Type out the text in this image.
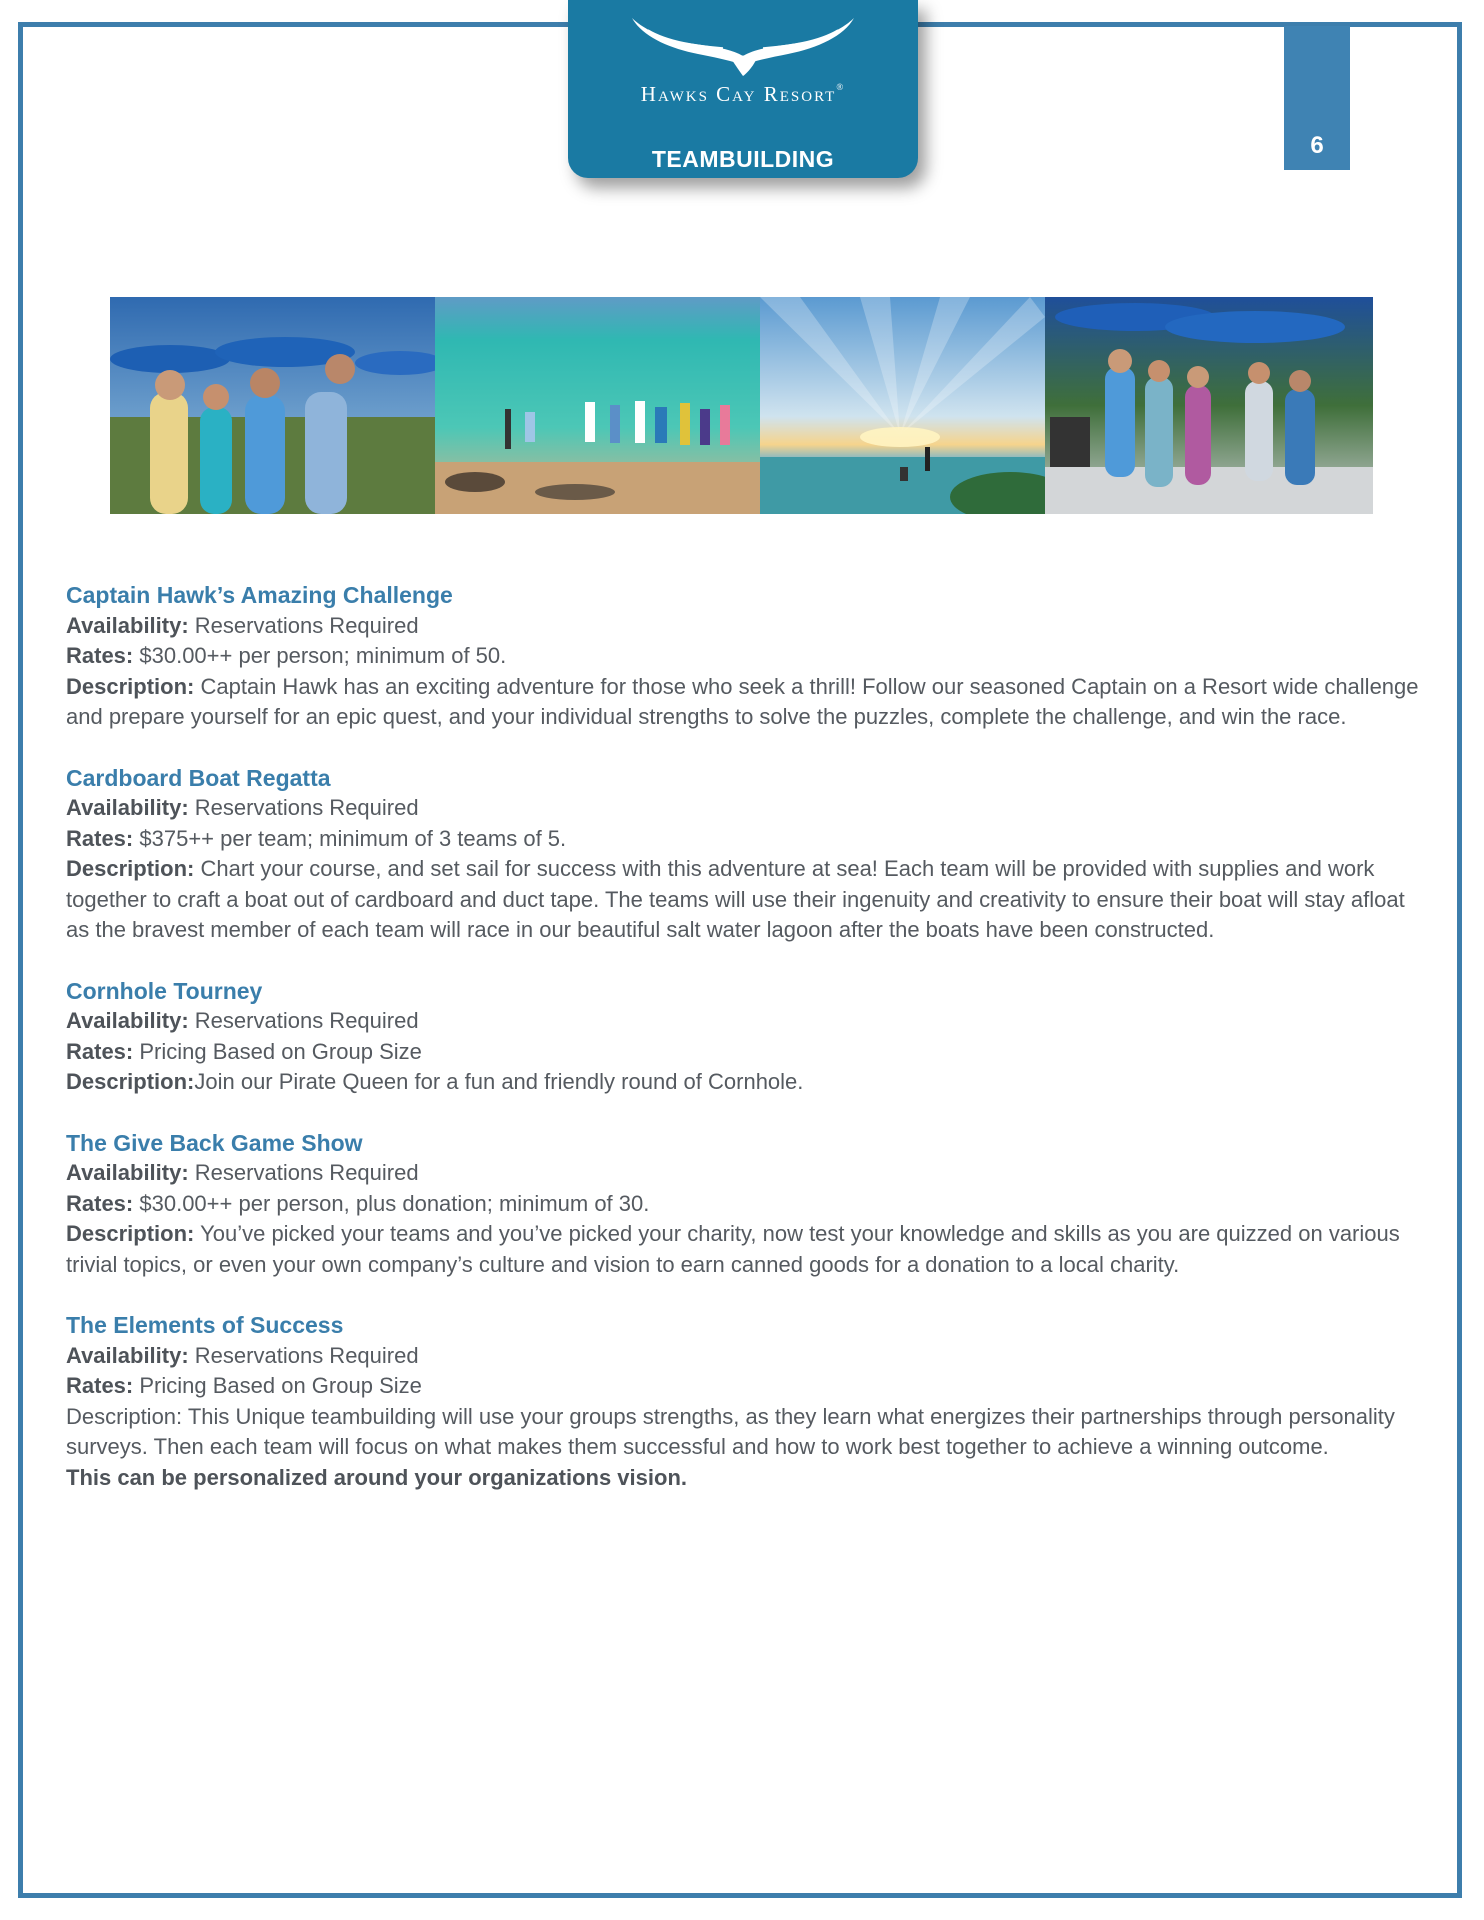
Hawks Cay Resort®
TEAMBUILDING	6

Captain Hawk’s Amazing Challenge

Availability: Reservations Required

Rates: $30.00++ per person; minimum of 50.

Description: Captain Hawk has an exciting adventure for those who seek a thrill! Follow our seasoned Captain on a Resort wide challenge and prepare yourself for an epic quest, and your individual strengths to solve the puzzles, complete the challenge, and win the race.

Cardboard Boat Regatta

Availability: Reservations Required

Rates: $375++ per team; minimum of 3 teams of 5.

Description: Chart your course, and set sail for success with this adventure at sea! Each team will be provided with supplies and work together to craft a boat out of cardboard and duct tape. The teams will use their ingenuity and creativity to ensure their boat will stay afloat as the bravest member of each team will race in our beautiful salt water lagoon after the boats have been constructed.

Cornhole Tourney

Availability: Reservations Required

Rates: Pricing Based on Group Size

Description:Join our Pirate Queen for a fun and friendly round of Cornhole.

The Give Back Game Show

Availability: Reservations Required

Rates: $30.00++ per person, plus donation; minimum of 30.

Description: You’ve picked your teams and you’ve picked your charity, now test your knowledge and skills as you are quizzed on various trivial topics, or even your own company’s culture and vision to earn canned goods for a donation to a local charity.

The Elements of Success

Availability: Reservations Required

Rates: Pricing Based on Group Size

Description: This Unique teambuilding will use your groups strengths, as they learn what energizes their partnerships through personality surveys. Then each team will focus on what makes them successful and how to work best together to achieve a winning outcome.

This can be personalized around your organizations vision.
